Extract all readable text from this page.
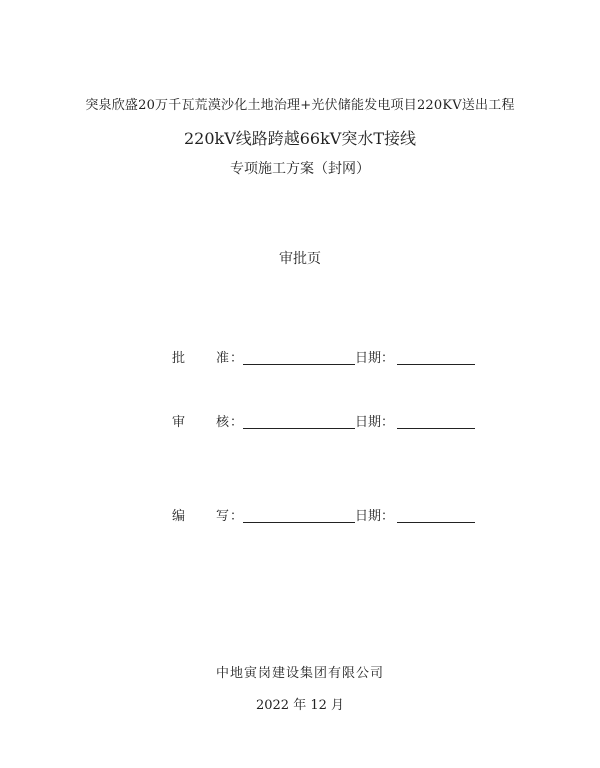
突泉欣盛20万千瓦荒漠沙化土地治理+光伏储能发电项目220KV送出工程
220kV线路跨越66kV突水T接线
专项施工方案（封网）
审批页
批 准 ：	日期：
审 核 ：	日期：
编 写 ：	日期：
中地寅岗建设集团有限公司
2022 年 12 月
